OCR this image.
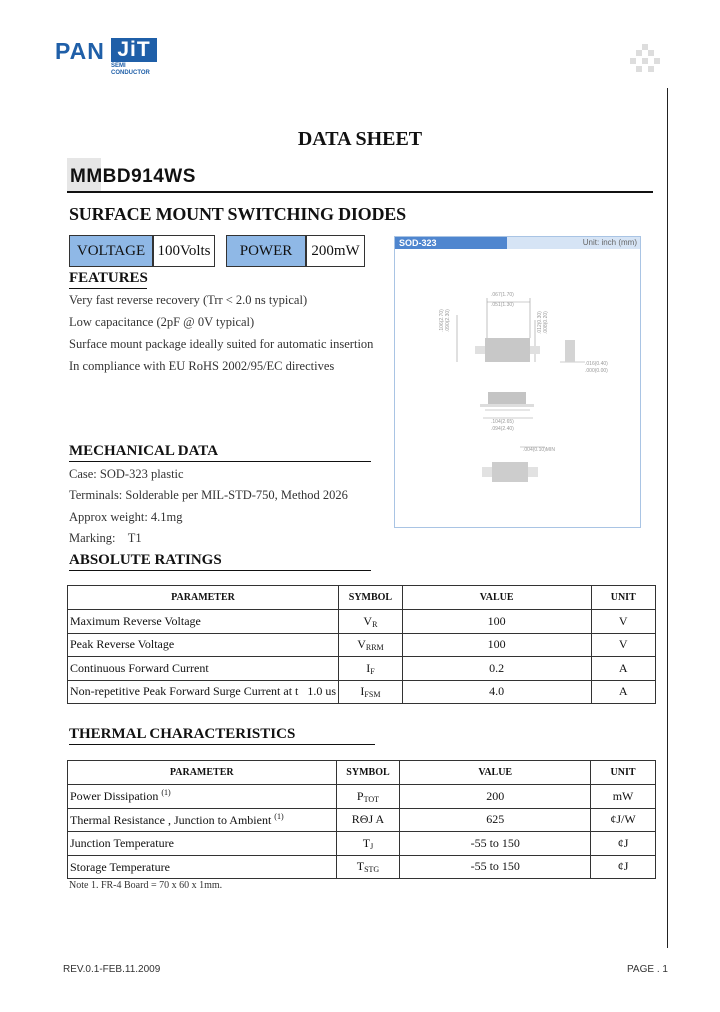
PAN JiT
SEMI
CONDUCTOR
DATA SHEET
MMBD914WS
SURFACE MOUNT SWITCHING DIODES
VOLTAGE 100Volts	POWER	200mW
FEATURES
Very fast reverse recovery (Trr < 2.0 ns typical)
Low capacitance (2pF @ 0V typical)
Surface mount package ideally suited for automatic insertion
In compliance with EU RoHS 2002/95/EC directives
SOD-323	Unit: inch (mm)
.067(1.70)
.051(1.30)
.106(2.70) .090(2.30)	.012(0.30) .008(0.20)
.016(0.40)
.000(0.00)
.104(2.65)
.094(2.40)
.004(0.10)MIN
MECHANICAL DATA
Case: SOD-323 plastic
Terminals: Solderable per MIL-STD-750, Method 2026
Approx weight: 4.1mg
Marking:    T1
ABSOLUTE RATINGS
PARAMETER	SYMBOL	VALUE	UNIT
Maximum Reverse Voltage	$V_R$	100	V
Peak Reverse Voltage	$V_{RRM}$	100	V
Continuous Forward Current	$I_F$	0.2	A
Non-repetitive Peak Forward Surge Current at t   1.0 us	$I_{FSM}$	4.0	A
THERMAL CHARACTERISTICS
PARAMETER	SYMBOL	VALUE	UNIT
Power Dissipation $^{(1)}$	$P_{TOT}$	200	mW
Thermal Resistance , Junction to Ambient $^{(1)}$	RΘJ A	625	¢J/W
Junction Temperature	$T_J$	-55 to 150	¢J
Storage Temperature	$T_{STG}$	-55 to 150	¢J
Note 1. FR-4 Board = 70 x 60 x 1mm.
REV.0.1-FEB.11.2009	PAGE . 1
